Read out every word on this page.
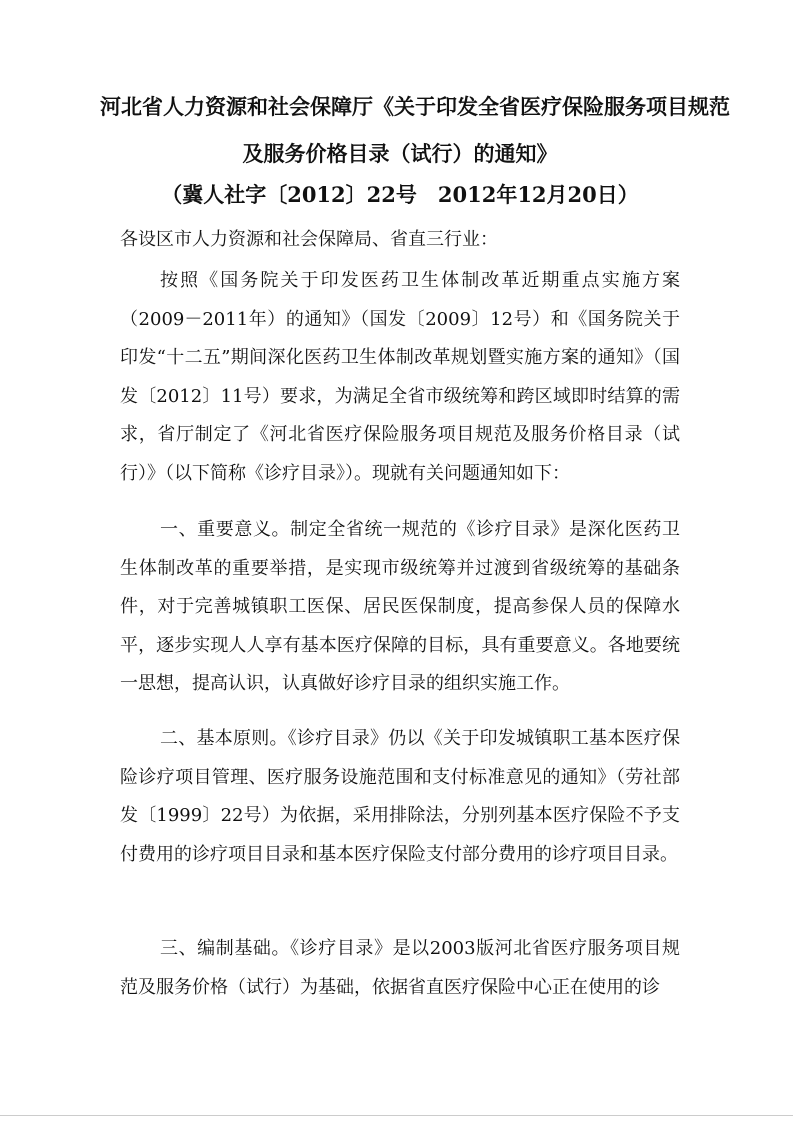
河北省人力资源和社会保障厅《关于印发全省医疗保险服务项目规范
及服务价格目录（试行）的通知》
（冀人社字〔2012〕22号　2012年12月20日）

各设区市人力资源和社会保障局、省直三行业：

按照《国务院关于印发医药卫生体制改革近期重点实施方案（2009－2011年）的通知》（国发〔2009〕12号）和《国务院关于印发“十二五”期间深化医药卫生体制改革规划暨实施方案的通知》（国发〔2012〕11号）要求，为满足全省市级统筹和跨区域即时结算的需求，省厅制定了《河北省医疗保险服务项目规范及服务价格目录（试行）》（以下简称《诊疗目录》）。现就有关问题通知如下：

一、重要意义。制定全省统一规范的《诊疗目录》是深化医药卫生体制改革的重要举措，是实现市级统筹并过渡到省级统筹的基础条件，对于完善城镇职工医保、居民医保制度，提高参保人员的保障水平，逐步实现人人享有基本医疗保障的目标，具有重要意义。各地要统一思想，提高认识，认真做好诊疗目录的组织实施工作。

二、基本原则。《诊疗目录》仍以《关于印发城镇职工基本医疗保险诊疗项目管理、医疗服务设施范围和支付标准意见的通知》（劳社部发〔1999〕22号）为依据，采用排除法，分别列基本医疗保险不予支付费用的诊疗项目目录和基本医疗保险支付部分费用的诊疗项目目录。

三、编制基础。《诊疗目录》是以2003版河北省医疗服务项目规范及服务价格（试行）为基础，依据省直医疗保险中心正在使用的诊
